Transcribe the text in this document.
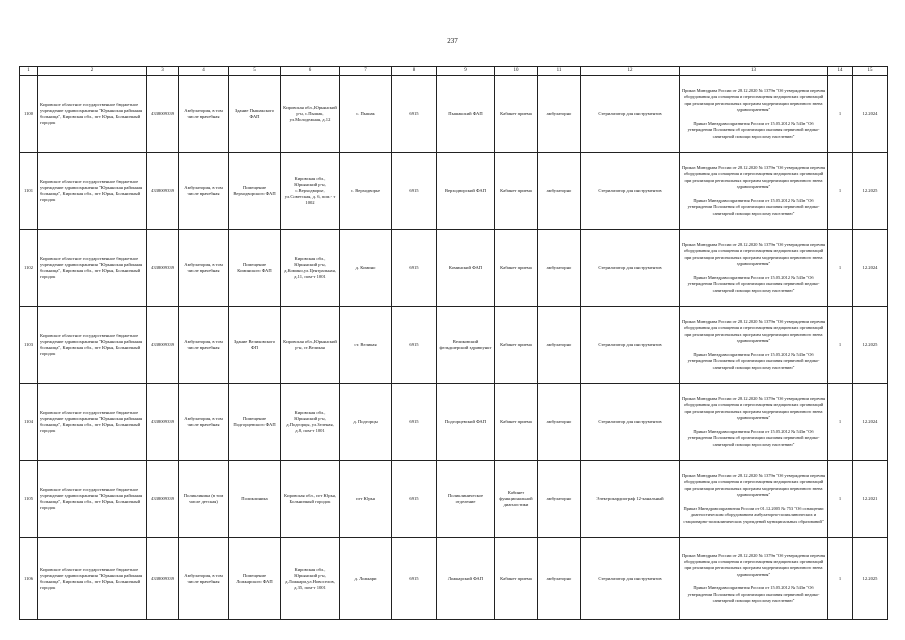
237
1	2	3	4	5	6	7	8	9	10	11	12	13	14	15
1100	Кировское областное государственное бюджетное учреждение здравоохранения "Юрьянская районная больница", Кировская обл., пгт Юрья, Больничный городок	4338009339	Амбулатория, в том числе врачебная	Здание Пышакского ФАП	Кировская обл.,Юрьянский р-н, с.Пышак, ул.Молодежная, д.12	с. Пышак	6915	Пышакский ФАП	Кабинет приема	амбулаторно	Стерилизатор для инструментов	Приказ Минздрава России от 28.12.2020 № 1379н "Об утверждении перечня оборудования для оснащения и переоснащения медицинских организаций при реализации региональных программ модернизации первичного звена здравоохранения"

Приказ Минздравсоцразвития России от 15.05.2012 № 543н "Об утверждении Положения об организации оказания первичной медико-санитарной помощи взрослому населению"	1	12.2024
1101	Кировское областное государственное бюджетное учреждение здравоохранения "Юрьянская районная больница", Кировская обл., пгт Юрья, Больничный городок	4338009339	Амбулатория, в том числе врачебная	Помещение Верходворского ФАП	Кировская обл., Юрьянский р-н, с.Верходворье, ул.Советская, д. 6, пом.- т 1002	с. Верходворье	6915	Верходворский ФАП	Кабинет приема	амбулаторно	Стерилизатор для инструментов	Приказ Минздрава России от 28.12.2020 № 1379н "Об утверждении перечня оборудования для оснащения и переоснащения медицинских организаций при реализации региональных программ модернизации первичного звена здравоохранения"

Приказ Минздравсоцразвития России от 15.05.2012 № 543н "Об утверждении Положения об организации оказания первичной медико-санитарной помощи взрослому населению"	1	12.2025
1102	Кировское областное государственное бюджетное учреждение здравоохранения "Юрьянская районная больница", Кировская обл., пгт Юрья, Больничный городок	4338009339	Амбулатория, в том числе врачебная	Помещение Коминского ФАП	Кировская обл., Юрьянский р-н, д.Комино,ул.Центральная,д.11, пом-т 1001	д. Комино	6915	Коминский ФАП	Кабинет приема	амбулаторно	Стерилизатор для инструментов	Приказ Минздрава России от 28.12.2020 № 1379н "Об утверждении перечня оборудования для оснащения и переоснащения медицинских организаций при реализации региональных программ модернизации первичного звена здравоохранения"

Приказ Минздравсоцразвития России от 15.05.2012 № 543н "Об утверждении Положения об организации оказания первичной медико-санитарной помощи взрослому населению"	1	12.2024
1103	Кировское областное государственное бюджетное учреждение здравоохранения "Юрьянская районная больница", Кировская обл., пгт Юрья, Больничный городок	4338009339	Амбулатория, в том числе врачебная	Здание Великовского ФП	Кировская обл.,Юрьянский р-н, ст.Великая	ст. Великая	6915	Великовский фельдшерский здравпункт	Кабинет приема	амбулаторно	Стерилизатор для инструментов	Приказ Минздрава России от 28.12.2020 № 1379н "Об утверждении перечня оборудования для оснащения и переоснащения медицинских организаций при реализации региональных программ модернизации первичного звена здравоохранения"

Приказ Минздравсоцразвития России от 15.05.2012 № 543н "Об утверждении Положения об организации оказания первичной медико-санитарной помощи взрослому населению"	1	12.2025
1104	Кировское областное государственное бюджетное учреждение здравоохранения "Юрьянская районная больница", Кировская обл., пгт Юрья, Больничный городок	4338009339	Амбулатория, в том числе врачебная	Помещение Подгорцевского ФАП	Кировская обл., Юрьянский р-н, д.Подгорцы, ул.Зеленая, д.8, пом-т 1001	д. Подгорцы	6915	Подгорцевский ФАП	Кабинет приема	амбулаторно	Стерилизатор для инструментов	Приказ Минздрава России от 28.12.2020 № 1379н "Об утверждении перечня оборудования для оснащения и переоснащения медицинских организаций при реализации региональных программ модернизации первичного звена здравоохранения"

Приказ Минздравсоцразвития России от 15.05.2012 № 543н "Об утверждении Положения об организации оказания первичной медико-санитарной помощи взрослому населению"	1	12.2024
1105	Кировское областное государственное бюджетное учреждение здравоохранения "Юрьянская районная больница", Кировская обл., пгт Юрья, Больничный городок	4338009339	Поликлиника (в том числе детская)	Поликлиника	Кировская обл., пгт Юрья, Больничный городок	пгт Юрья	6915	Поликлиническое отделение	Кабинет функциональной диагностики	амбулаторно	Электрокардиограф 12-канальный	Приказ Минздрава России от 28.12.2020 № 1379н "Об утверждении перечня оборудования для оснащения и переоснащения медицинских организаций при реализации региональных программ модернизации первичного звена здравоохранения"

Приказ Минздравсоцразвития России от 01.12.2005 № 753 "Об оснащении диагностическим оборудованием амбулаторно-поликлинических и стационарно-поликлинических учреждений муниципальных образований"	1	12.2021
1106	Кировское областное государственное бюджетное учреждение здравоохранения "Юрьянская районная больница", Кировская обл., пгт Юрья, Больничный городок	4338009339	Амбулатория, в том числе врачебная	Помещение Ложкарского ФАП	Кировская обл., Юрьянский р-н, д.Ложкари,ул.Новоселов, д.35, пом-т 1001	д. Ложкари	6915	Ложкарский ФАП	Кабинет приема	амбулаторно	Стерилизатор для инструментов	Приказ Минздрава России от 28.12.2020 № 1379н "Об утверждении перечня оборудования для оснащения и переоснащения медицинских организаций при реализации региональных программ модернизации первичного звена здравоохранения"

Приказ Минздравсоцразвития России от 15.05.2012 № 543н "Об утверждении Положения об организации оказания первичной медико-санитарной помощи взрослому населению"	1	12.2025
